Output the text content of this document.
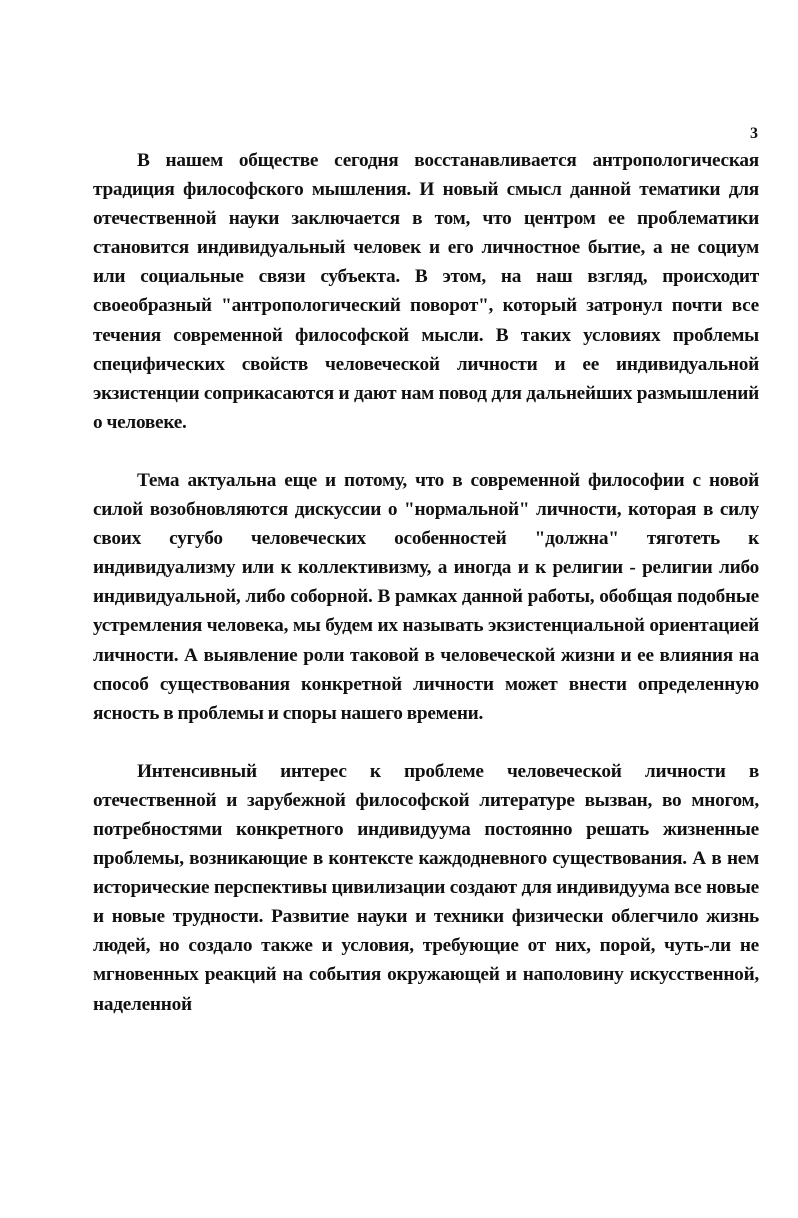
3

В нашем обществе сегодня восстанавливается антропологическая традиция философского мышления. И новый смысл данной тематики для отечественной науки заключается в том, что центром ее проблематики становится индивидуальный человек и его личностное бытие, а не социум или социальные связи субъекта. В этом, на наш взгляд, происходит своеобразный "антропологический поворот", который затронул почти все течения современной философской мысли. В таких условиях проблемы специфических свойств человеческой личности и ее индивидуальной экзистенции соприкасаются и дают нам повод для дальнейших размышлений о человеке.

Тема актуальна еще и потому, что в современной философии с новой силой возобновляются дискуссии о "нормальной" личности, которая в силу своих сугубо человеческих особенностей "должна" тяготеть к индивидуализму или к коллективизму, а иногда и к религии - религии либо индивидуальной, либо соборной. В рамках данной работы, обобщая подобные устремления человека, мы будем их называть экзистенциальной ориентацией личности. А выявление роли таковой в человеческой жизни и ее влияния на способ существования конкретной личности может внести определенную ясность в проблемы и споры нашего времени.

Интенсивный интерес к проблеме человеческой личности в отечественной и зарубежной философской литературе вызван, во многом, потребностями конкретного индивидуума постоянно решать жизненные проблемы, возникающие в контексте каждодневного существования. А в нем исторические перспективы цивилизации создают для индивидуума все новые и новые трудности. Развитие науки и техники физически облегчило жизнь людей, но создало также и условия, требующие от них, порой, чуть-ли не мгновенных реакций на события окружающей и наполовину искусственной, наделенной
